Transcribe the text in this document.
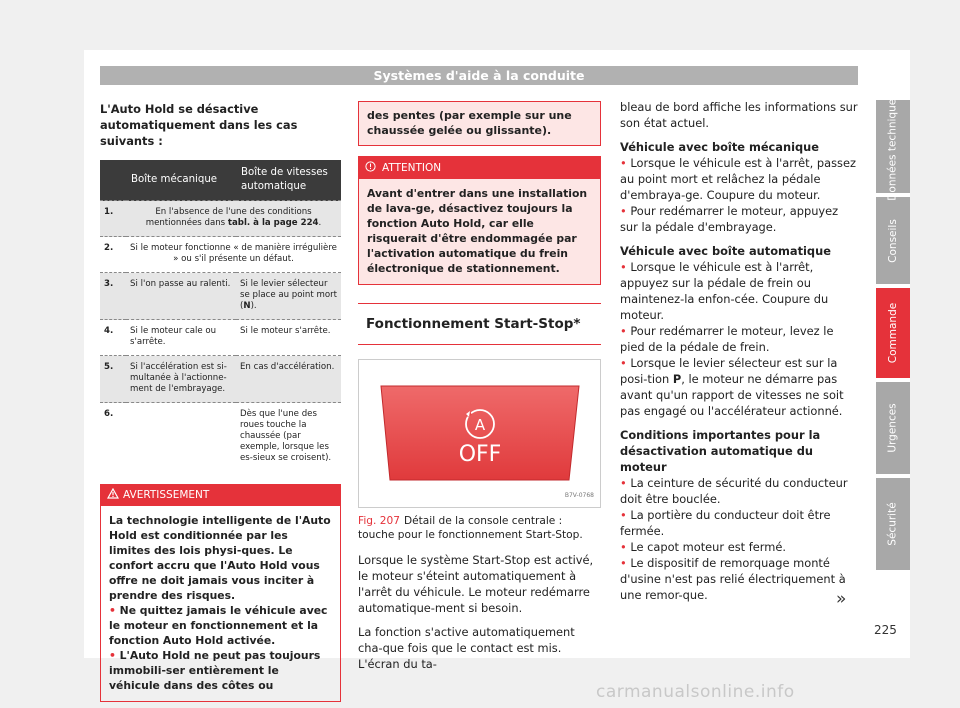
Systèmes d'aide à la conduite

L'Auto Hold se désactive automatiquement dans les cas suivants :

	Boîte mécanique	Boîte de vitesses automatique
1.	En l'absence de l'une des conditions mentionnées dans tabl. à la page 224.	
2.	Si le moteur fonctionne « de manière irrégulière » ou s'il présente un défaut.	
3.	Si l'on passe au ralenti.	Si le levier sélecteur se place au point mort (N).
4.	Si le moteur cale ou s'arrête.	Si le moteur s'arrête.
5.	Si l'accélération est si-multanée à l'actionne-ment de l'embrayage.	En cas d'accélération.
6.		Dès que l'une des roues touche la chaussée (par exemple, lorsque les es-sieux se croisent).
AVERTISSEMENT

La technologie intelligente de l'Auto Hold est conditionnée par les limites des lois physi-ques. Le confort accru que l'Auto Hold vous offre ne doit jamais vous inciter à prendre des risques.

• Ne quittez jamais le véhicule avec le moteur en fonctionnement et la fonction Auto Hold activée.

• L'Auto Hold ne peut pas toujours immobili-ser entièrement le véhicule dans des côtes ou

des pentes (par exemple sur une chaussée gelée ou glissante).
ATTENTION
Avant d'entrer dans une installation de lava-ge, désactivez toujours la fonction Auto Hold, car elle risquerait d'être endommagée par l'activation automatique du frein électronique de stationnement.
Fonctionnement Start-Stop*
A
OFF
B7V-0768
Fig. 207 Détail de la console centrale : touche pour le fonctionnement Start-Stop.

Lorsque le système Start-Stop est activé, le moteur s'éteint automatiquement à l'arrêt du véhicule. Le moteur redémarre automatique-ment si besoin.

La fonction s'active automatiquement cha-que fois que le contact est mis. L'écran du ta-

bleau de bord affiche les informations sur son état actuel.

Véhicule avec boîte mécanique

• Lorsque le véhicule est à l'arrêt, passez au point mort et relâchez la pédale d'embraya-ge. Coupure du moteur.

• Pour redémarrer le moteur, appuyez sur la pédale d'embrayage.

Véhicule avec boîte automatique

• Lorsque le véhicule est à l'arrêt, appuyez sur la pédale de frein ou maintenez-la enfon-cée. Coupure du moteur.

• Pour redémarrer le moteur, levez le pied de la pédale de frein.

• Lorsque le levier sélecteur est sur la posi-tion P, le moteur ne démarre pas avant qu'un rapport de vitesses ne soit pas engagé ou l'accélérateur actionné.

Conditions importantes pour la désactivation automatique du moteur

• La ceinture de sécurité du conducteur doit être bouclée.

• La portière du conducteur doit être fermée.

• Le capot moteur est fermé.

• Le dispositif de remorquage monté d'usine n'est pas relié électriquement à une remor-que.	»
Données techniques
Conseils
Commande
Urgences
Sécurité
225
carmanualsonline.info
